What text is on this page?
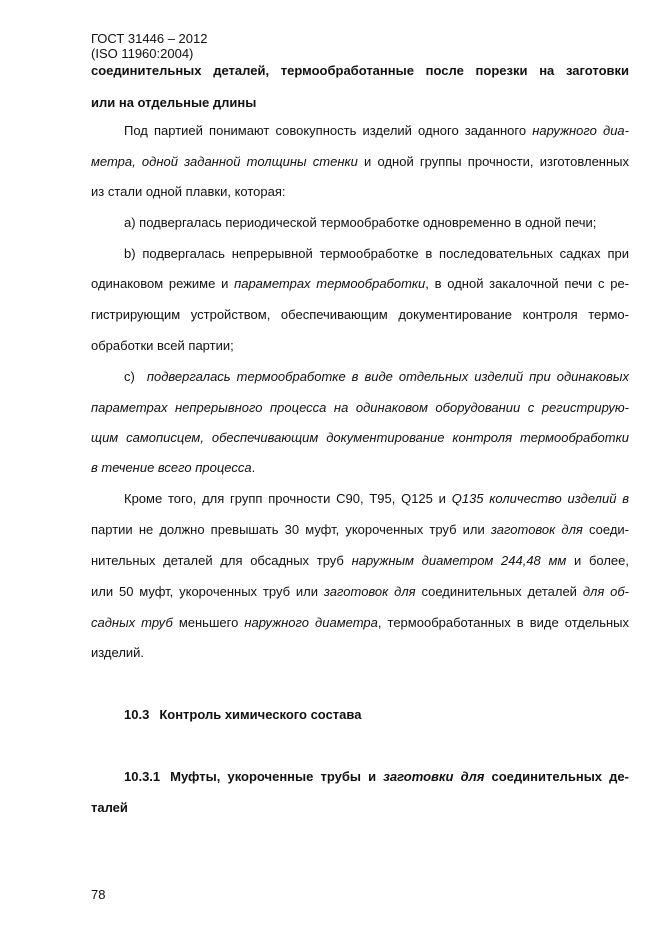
ГОСТ 31446 – 2012
(ISO 11960:2004)
соединительных деталей, термообработанные после порезки на заготовки
или на отдельные длины
Под партией понимают совокупность изделий одного заданного наружного диа-
метра, одной заданной толщины стенки и одной группы прочности, изготовленных
из стали одной плавки, которая:
а) подвергалась периодической термообработке одновременно в одной печи;
b) подвергалась непрерывной термообработке в последовательных садках при
одинаковом режиме и параметрах термообработки, в одной закалочной печи с ре-
гистрирующим устройством, обеспечивающим документирование контроля термо-
обработки всей партии;
с)  подвергалась термообработке в виде отдельных изделий при одинаковых
параметрах непрерывного процесса на одинаковом оборудовании с регистрирую-
щим самописцем, обеспечивающим документирование контроля термообработки
в течение всего процесса.
Кроме того, для групп прочности С90, Т95, Q125 и Q135 количество изделий в
партии не должно превышать 30 муфт, укороченных труб или заготовок для соеди-
нительных деталей для обсадных труб наружным диаметром 244,48 мм и более,
или 50 муфт, укороченных труб или заготовок для соединительных деталей для об-
садных труб меньшего наружного диаметра, термообработанных в виде отдельных
изделий.
10.3 Контроль химического состава
10.3.1 Муфты, укороченные трубы и заготовки для соединительных де-
талей
78
